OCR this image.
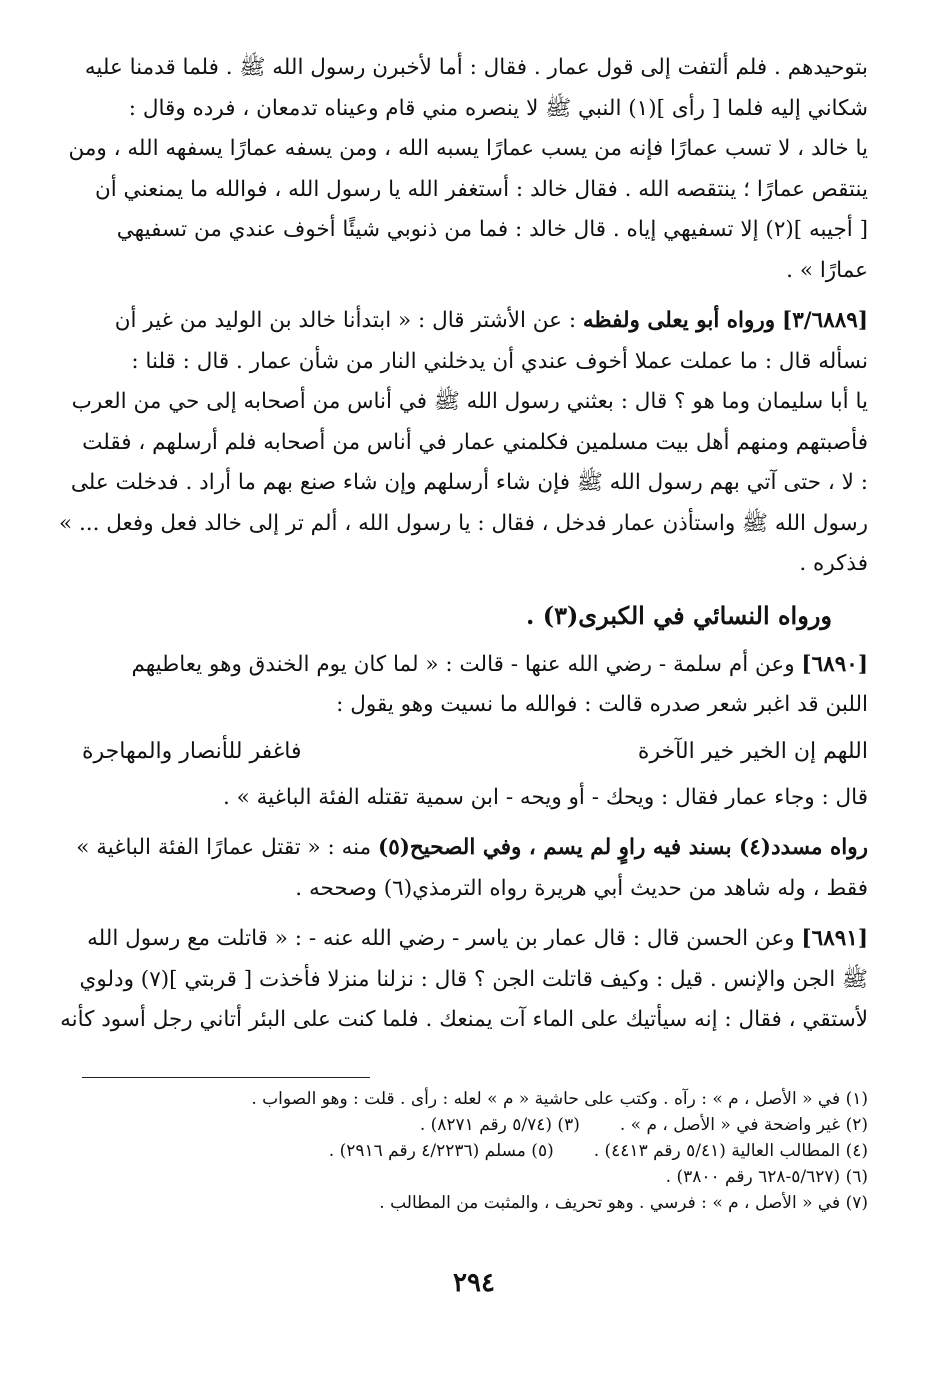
بتوحيدهم . فلم ألتفت إلى قول عمار . فقال : أما لأخبرن رسول الله ﷺ . فلما قدمنا عليه
شكاني إليه فلما [ رأى ](١) النبي ﷺ لا ينصره مني قام وعيناه تدمعان ، فرده وقال :
يا خالد ، لا تسب عمارًا فإنه من يسب عمارًا يسبه الله ، ومن يسفه عمارًا يسفهه الله ، ومن
ينتقص عمارًا ؛ ينتقصه الله . فقال خالد : أستغفر الله يا رسول الله ، فوالله ما يمنعني أن
[ أجيبه ](٢) إلا تسفيهي إياه . قال خالد : فما من ذنوبي شيئًا أخوف عندي من تسفيهي
عمارًا » .
[٣/٦٨٨٩] ورواه أبو يعلى ولفظه : عن الأشتر قال : « ابتدأنا خالد بن الوليد من غير أن
نسأله قال : ما عملت عملا أخوف عندي أن يدخلني النار من شأن عمار . قال : قلنا :
يا أبا سليمان وما هو ؟ قال : بعثني رسول الله ﷺ في أناس من أصحابه إلى حي من العرب
فأصبتهم ومنهم أهل بيت مسلمين فكلمني عمار في أناس من أصحابه فلم أرسلهم ، فقلت
: لا ، حتى آتي بهم رسول الله ﷺ فإن شاء أرسلهم وإن شاء صنع بهم ما أراد . فدخلت على
رسول الله ﷺ واستأذن عمار فدخل ، فقال : يا رسول الله ، ألم تر إلى خالد فعل وفعل ... »
فذكره .
ورواه النسائي في الكبرى(٣) .
[٦٨٩٠] وعن أم سلمة - رضي الله عنها - قالت : « لما كان يوم الخندق وهو يعاطيهم
اللبن قد اغبر شعر صدره قالت : فوالله ما نسيت وهو يقول :
اللهم إن الخير خير الآخرة
فاغفر للأنصار والمهاجرة
قال : وجاء عمار فقال : ويحك - أو ويحه - ابن سمية تقتله الفئة الباغية » .
رواه مسدد(٤) بسند فيه راوٍ لم يسم ، وفي الصحيح(٥) منه : « تقتل عمارًا الفئة الباغية »
فقط ، وله شاهد من حديث أبي هريرة رواه الترمذي(٦) وصححه .
[٦٨٩١] وعن الحسن قال : قال عمار بن ياسر - رضي الله عنه - : « قاتلت مع رسول الله
ﷺ الجن والإنس . قيل : وكيف قاتلت الجن ؟ قال : نزلنا منزلا فأخذت [ قربتي ](٧) ودلوي
لأستقي ، فقال : إنه سيأتيك على الماء آت يمنعك . فلما كنت على البئر أتاني رجل أسود كأنه
(١) في « الأصل ، م » : رآه . وكتب على حاشية « م » لعله : رأى . قلت : وهو الصواب .
(٢) غير واضحة في « الأصل ، م » .
(٣) (٥/٧٤ رقم ٨٢٧١) .
(٤) المطالب العالية (٥/٤١ رقم ٤٤١٣) .
(٥) مسلم (٤/٢٢٣٦ رقم ٢٩١٦) .
(٦) (٥/٦٢٧-٦٢٨ رقم ٣٨٠٠) .
(٧) في « الأصل ، م » : فرسي . وهو تحريف ، والمثبت من المطالب .
٢٩٤
